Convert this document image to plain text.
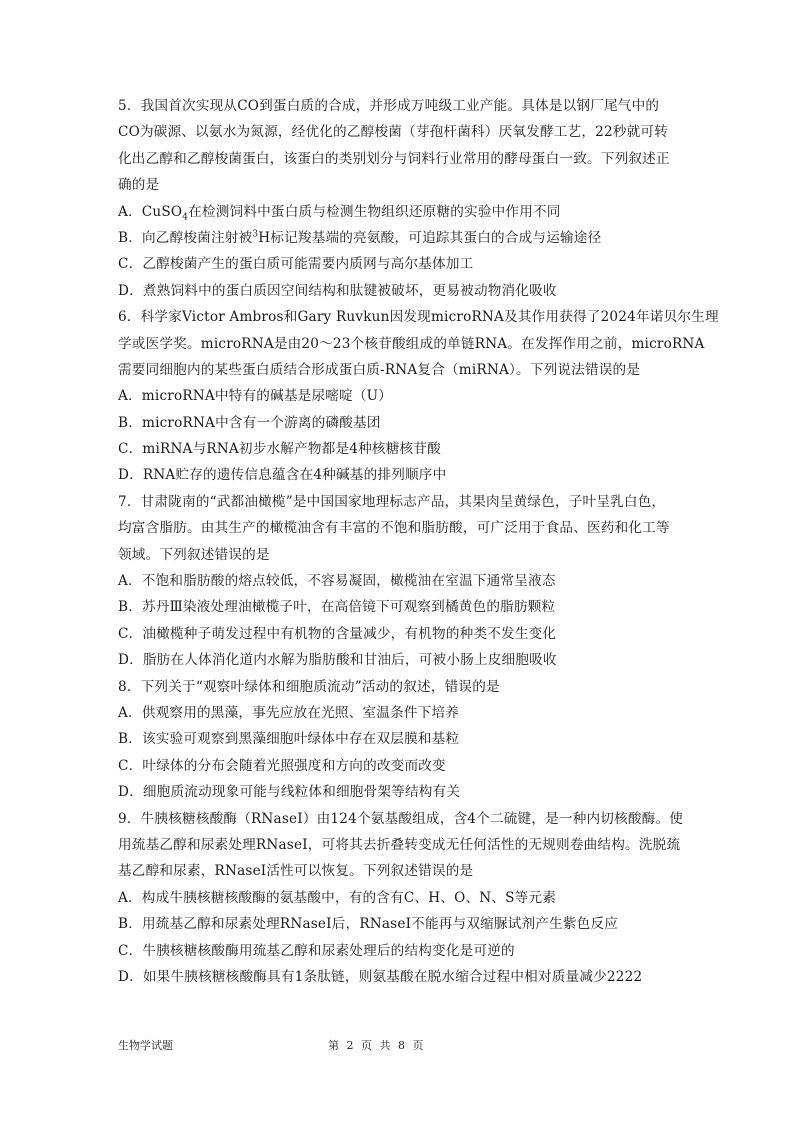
5．我国首次实现从CO到蛋白质的合成，并形成万吨级工业产能。具体是以钢厂尾气中的
CO为碳源、以氨水为氮源，经优化的乙醇梭菌（芽孢杆菌科）厌氧发酵工艺，22秒就可转
化出乙醇和乙醇梭菌蛋白，该蛋白的类别划分与饲料行业常用的酵母蛋白一致。下列叙述正
确的是
A．CuSO$_4$在检测饲料中蛋白质与检测生物组织还原糖的实验中作用不同
B．向乙醇梭菌注射被$^3$H标记羧基端的亮氨酸，可追踪其蛋白的合成与运输途径
C．乙醇梭菌产生的蛋白质可能需要内质网与高尔基体加工
D．煮熟饲料中的蛋白质因空间结构和肽键被破坏，更易被动物消化吸收
6．科学家Victor Ambros和Gary Ruvkun因发现microRNA及其作用获得了2024年诺贝尔生理
学或医学奖。microRNA是由20～23个核苷酸组成的单链RNA。在发挥作用之前，microRNA
需要同细胞内的某些蛋白质结合形成蛋白质-RNA复合（miRNA）。下列说法错误的是
A．microRNA中特有的碱基是尿嘧啶（U）
B．microRNA中含有一个游离的磷酸基团
C．miRNA与RNA初步水解产物都是4种核糖核苷酸
D．RNA贮存的遗传信息蕴含在4种碱基的排列顺序中
7．甘肃陇南的“武都油橄榄”是中国国家地理标志产品，其果肉呈黄绿色，子叶呈乳白色，
均富含脂肪。由其生产的橄榄油含有丰富的不饱和脂肪酸，可广泛用于食品、医药和化工等
领域。下列叙述错误的是
A．不饱和脂肪酸的熔点较低，不容易凝固，橄榄油在室温下通常呈液态
B．苏丹Ⅲ染液处理油橄榄子叶，在高倍镜下可观察到橘黄色的脂肪颗粒
C．油橄榄种子萌发过程中有机物的含量减少，有机物的种类不发生变化
D．脂肪在人体消化道内水解为脂肪酸和甘油后，可被小肠上皮细胞吸收
8．下列关于“观察叶绿体和细胞质流动”活动的叙述，错误的是
A．供观察用的黑藻，事先应放在光照、室温条件下培养
B．该实验可观察到黑藻细胞叶绿体中存在双层膜和基粒
C．叶绿体的分布会随着光照强度和方向的改变而改变
D．细胞质流动现象可能与线粒体和细胞骨架等结构有关
9．牛胰核糖核酸酶（RNaseI）由124个氨基酸组成，含4个二硫键，是一种内切核酸酶。使
用巯基乙醇和尿素处理RNaseI，可将其去折叠转变成无任何活性的无规则卷曲结构。洗脱巯
基乙醇和尿素，RNaseI活性可以恢复。下列叙述错误的是
A．构成牛胰核糖核酸酶的氨基酸中，有的含有C、H、O、N、S等元素
B．用巯基乙醇和尿素处理RNaseI后，RNaseI不能再与双缩脲试剂产生紫色反应
C．牛胰核糖核酸酶用巯基乙醇和尿素处理后的结构变化是可逆的
D．如果牛胰核糖核酸酶具有1条肽链，则氨基酸在脱水缩合过程中相对质量减少2222
生物学试题	第 2 页 共 8 页
